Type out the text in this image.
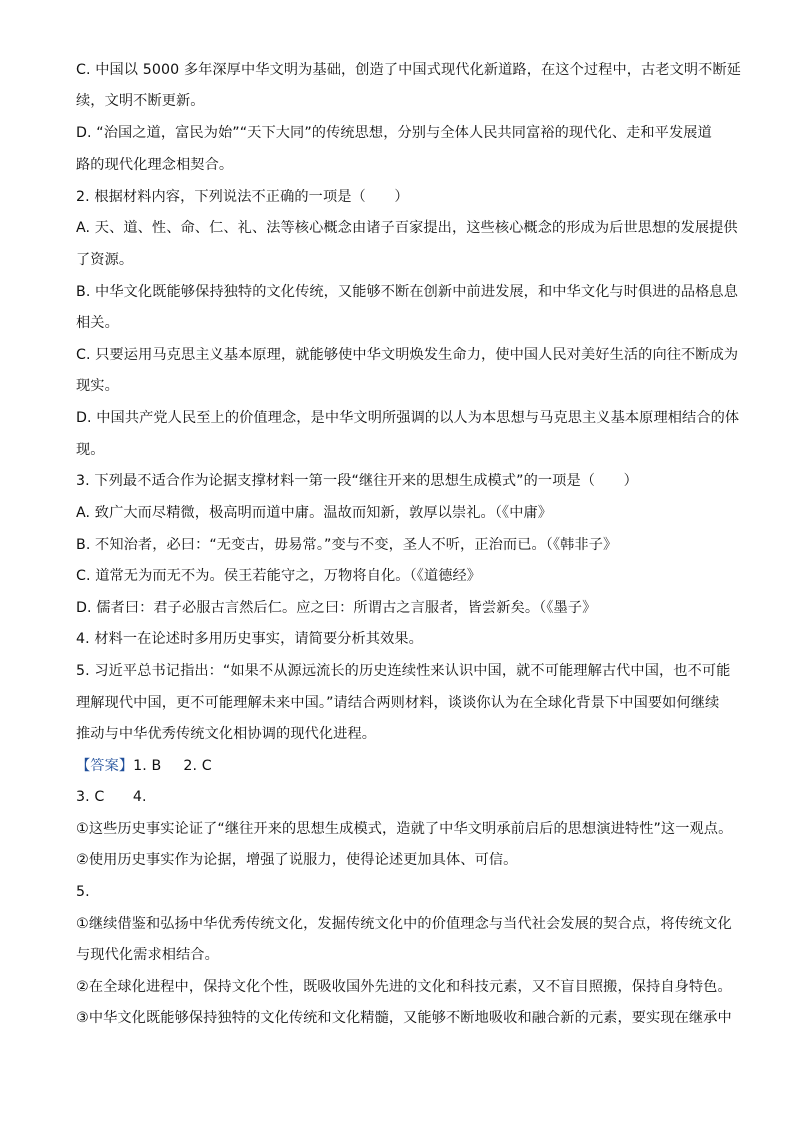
C. 中国以 5000 多年深厚中华文明为基础，创造了中国式现代化新道路，在这个过程中，古老文明不断延
续，文明不断更新。
D. “治国之道，富民为始”“天下大同”的传统思想，分别与全体人民共同富裕的现代化、走和平发展道
路的现代化理念相契合。
2. 根据材料内容，下列说法不正确的一项是（　　）
A. 天、道、性、命、仁、礼、法等核心概念由诸子百家提出，这些核心概念的形成为后世思想的发展提供
了资源。
B. 中华文化既能够保持独特的文化传统，又能够不断在创新中前进发展，和中华文化与时俱进的品格息息
相关。
C. 只要运用马克思主义基本原理，就能够使中华文明焕发生命力，使中国人民对美好生活的向往不断成为
现实。
D. 中国共产党人民至上的价值理念，是中华文明所强调的以人为本思想与马克思主义基本原理相结合的体
现。
3. 下列最不适合作为论据支撑材料一第一段“继往开来的思想生成模式”的一项是（　　）
A. 致广大而尽精微，极高明而道中庸。温故而知新，敦厚以崇礼。（《中庸》
B. 不知治者，必曰：“无变古，毋易常。”变与不变，圣人不听，正治而已。（《韩非子》
C. 道常无为而无不为。侯王若能守之，万物将自化。（《道德经》
D. 儒者曰：君子必服古言然后仁。应之曰：所谓古之言服者，皆尝新矣。（《墨子》
4. 材料一在论述时多用历史事实，请简要分析其效果。
5. 习近平总书记指出：“如果不从源远流长的历史连续性来认识中国，就不可能理解古代中国，也不可能
理解现代中国，更不可能理解未来中国。”请结合两则材料，谈谈你认为在全球化背景下中国要如何继续
推动与中华优秀传统文化相协调的现代化进程。
【答案】1. B 2. C
3. C　　4.
①这些历史事实论证了“继往开来的思想生成模式，造就了中华文明承前启后的思想演进特性”这一观点。
②使用历史事实作为论据，增强了说服力，使得论述更加具体、可信。
5.
①继续借鉴和弘扬中华优秀传统文化，发掘传统文化中的价值理念与当代社会发展的契合点，将传统文化
与现代化需求相结合。
②在全球化进程中，保持文化个性，既吸收国外先进的文化和科技元素，又不盲目照搬，保持自身特色。
③中华文化既能够保持独特的文化传统和文化精髓，又能够不断地吸收和融合新的元素，要实现在继承中
